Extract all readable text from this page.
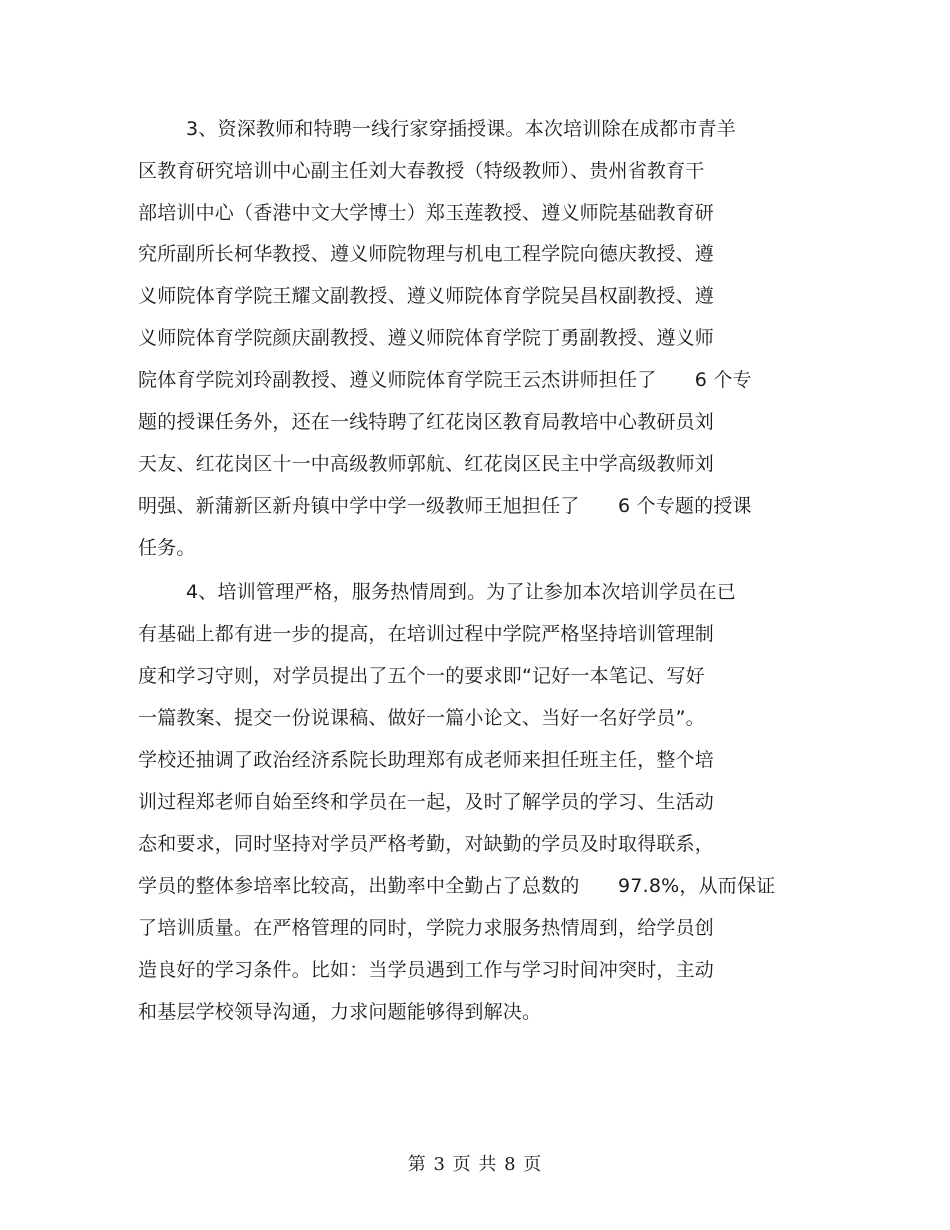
3、资深教师和特聘一线行家穿插授课。本次培训除在成都市青羊
区教育研究培训中心副主任刘大春教授（特级教师）、贵州省教育干
部培训中心（香港中文大学博士）郑玉莲教授、遵义师院基础教育研
究所副所长柯华教授、遵义师院物理与机电工程学院向德庆教授、遵
义师院体育学院王耀文副教授、遵义师院体育学院吴昌权副教授、遵
义师院体育学院颜庆副教授、遵义师院体育学院丁勇副教授、遵义师
院体育学院刘玲副教授、遵义师院体育学院王云杰讲师担任了　　6 个专
题的授课任务外，还在一线特聘了红花岗区教育局教培中心教研员刘
天友、红花岗区十一中高级教师郭航、红花岗区民主中学高级教师刘
明强、新蒲新区新舟镇中学中学一级教师王旭担任了　　6 个专题的授课
任务。
4、培训管理严格，服务热情周到。为了让参加本次培训学员在已
有基础上都有进一步的提高，在培训过程中学院严格坚持培训管理制
度和学习守则，对学员提出了五个一的要求即“记好一本笔记、写好
一篇教案、提交一份说课稿、做好一篇小论文、当好一名好学员”。
学校还抽调了政治经济系院长助理郑有成老师来担任班主任，整个培
训过程郑老师自始至终和学员在一起，及时了解学员的学习、生活动
态和要求，同时坚持对学员严格考勤，对缺勤的学员及时取得联系，
学员的整体参培率比较高，出勤率中全勤占了总数的　　97.8%，从而保证
了培训质量。在严格管理的同时，学院力求服务热情周到，给学员创
造良好的学习条件。比如：当学员遇到工作与学习时间冲突时，主动
和基层学校领导沟通，力求问题能够得到解决。
第 3 页 共 8 页
